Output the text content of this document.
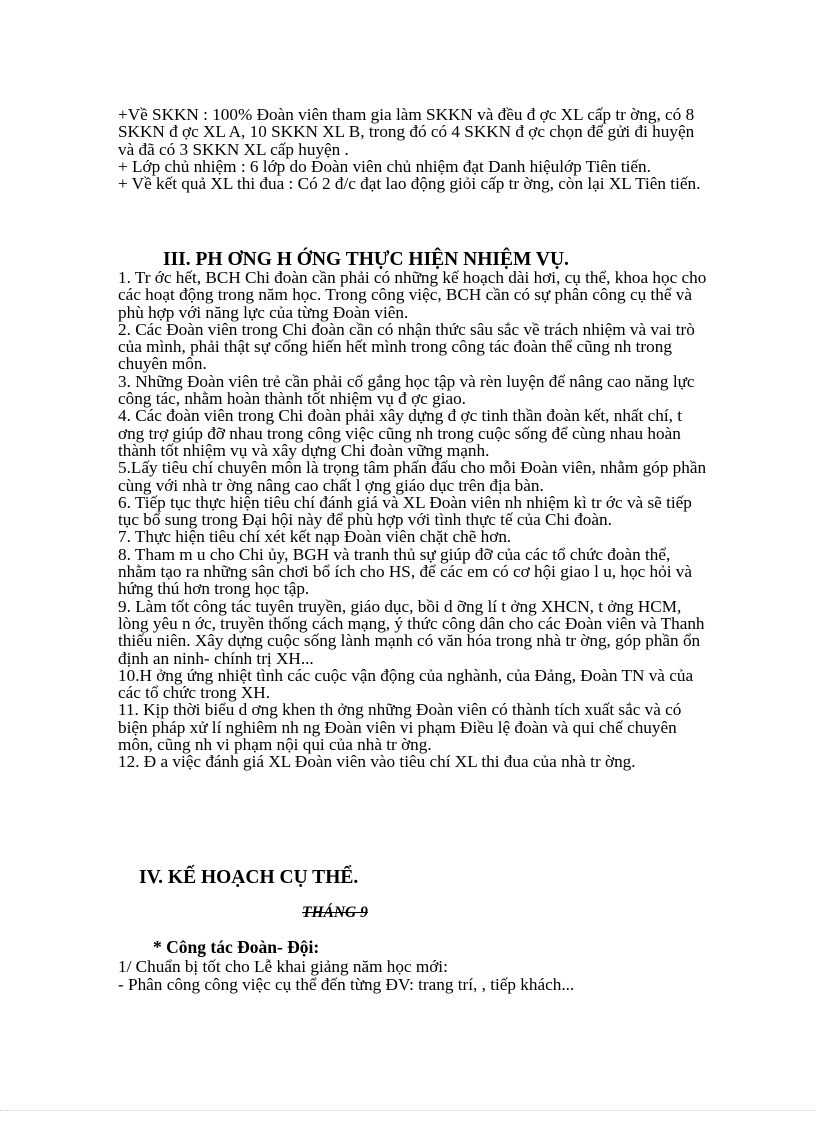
+Về SKKN : 100% Đoàn viên tham gia làm SKKN và đều đ ợc XL cấp tr ờng, có 8 SKKN đ ợc XL A, 10 SKKN XL B, trong đó có 4 SKKN đ ợc chọn để gửi đi huyện và đã có 3 SKKN XL cấp huyện .

+ Lớp chủ nhiệm : 6 lớp do Đoàn viên chủ nhiệm đạt Danh hiệulớp Tiên tiến.

+ Về kết quả XL thi đua : Có 2 đ/c đạt lao động giỏi cấp tr ờng, còn lại XL Tiên tiến.

III. PH ƠNG H ỚNG THỰC HIỆN NHIỆM VỤ.

1. Tr ớc hết, BCH Chi đoàn cần phải có những kế hoạch dài hơi, cụ thể, khoa học cho các hoạt động trong năm học. Trong công việc, BCH cần có sự phân công cụ thể và phù hợp với năng lực của từng Đoàn viên.

2. Các Đoàn viên trong Chi đoàn cần có nhận thức sâu sắc về trách nhiệm và vai trò của mình, phải thật sự cống hiến hết mình trong công tác đoàn thể cũng nh trong chuyên môn.

3. Những Đoàn viên trẻ cần phải cố gắng học tập và rèn luyện để nâng cao năng lực công tác, nhằm hoàn thành tốt nhiệm vụ đ ợc giao.

4. Các đoàn viên trong Chi đoàn phải xây dựng đ ợc tinh thần đoàn kết, nhất chí, t ơng trợ giúp đỡ nhau trong công việc cũng nh trong cuộc sống để cùng nhau hoàn thành tốt nhiệm vụ và xây dựng Chi đoàn vững mạnh.

5.Lấy tiêu chí chuyên môn là trọng tâm phấn đấu cho mỗi Đoàn viên, nhằm góp phần cùng với nhà tr ờng nâng cao chất l ợng giáo dục trên địa bàn.

6. Tiếp tục thực hiện tiêu chí đánh giá và XL Đoàn viên nh nhiệm kì tr ớc và sẽ tiếp tục bổ sung trong Đại hội này để phù hợp với tình thực tế của Chi đoàn.

7. Thực hiện tiêu chí xét kết nạp Đoàn viên chặt chẽ hơn.

8. Tham m u cho Chi ủy, BGH và tranh thủ sự giúp đỡ của các tổ chức đoàn thể, nhằm tạo ra những sân chơi bổ ích cho HS, để các em có cơ hội giao l u, học hỏi và hứng thú hơn trong học tập.

9. Làm tốt công tác tuyên truyền, giáo dục, bồi d ỡng lí t ởng XHCN, t ởng HCM, lòng yêu n ớc, truyền thống cách mạng, ý thức công dân cho các Đoàn viên và Thanh thiếu niên. Xây dựng cuộc sống lành mạnh có văn hóa trong nhà tr ờng, góp phần ổn định an ninh- chính trị XH...

10.H ởng ứng nhiệt tình các cuộc vận động của nghành, của Đảng, Đoàn TN và của các tổ chức trong XH.

11. Kịp thời biểu d ơng khen th ởng những Đoàn viên có thành tích xuất sắc và có biện pháp xử lí nghiêm nh ng Đoàn viên vi phạm Điều lệ đoàn và qui chế chuyên môn, cũng nh vi phạm nội qui của nhà tr ờng.

12. Đ a việc đánh giá XL Đoàn viên vào tiêu chí XL thi đua của nhà tr ờng.

IV. KẾ HOẠCH CỤ THỂ.
THÁNG 9
* Công tác Đoàn- Đội:
1/ Chuẩn bị tốt cho Lễ khai giảng năm học mới:
- Phân công công việc cụ thể đến từng ĐV: trang trí, , tiếp khách...
